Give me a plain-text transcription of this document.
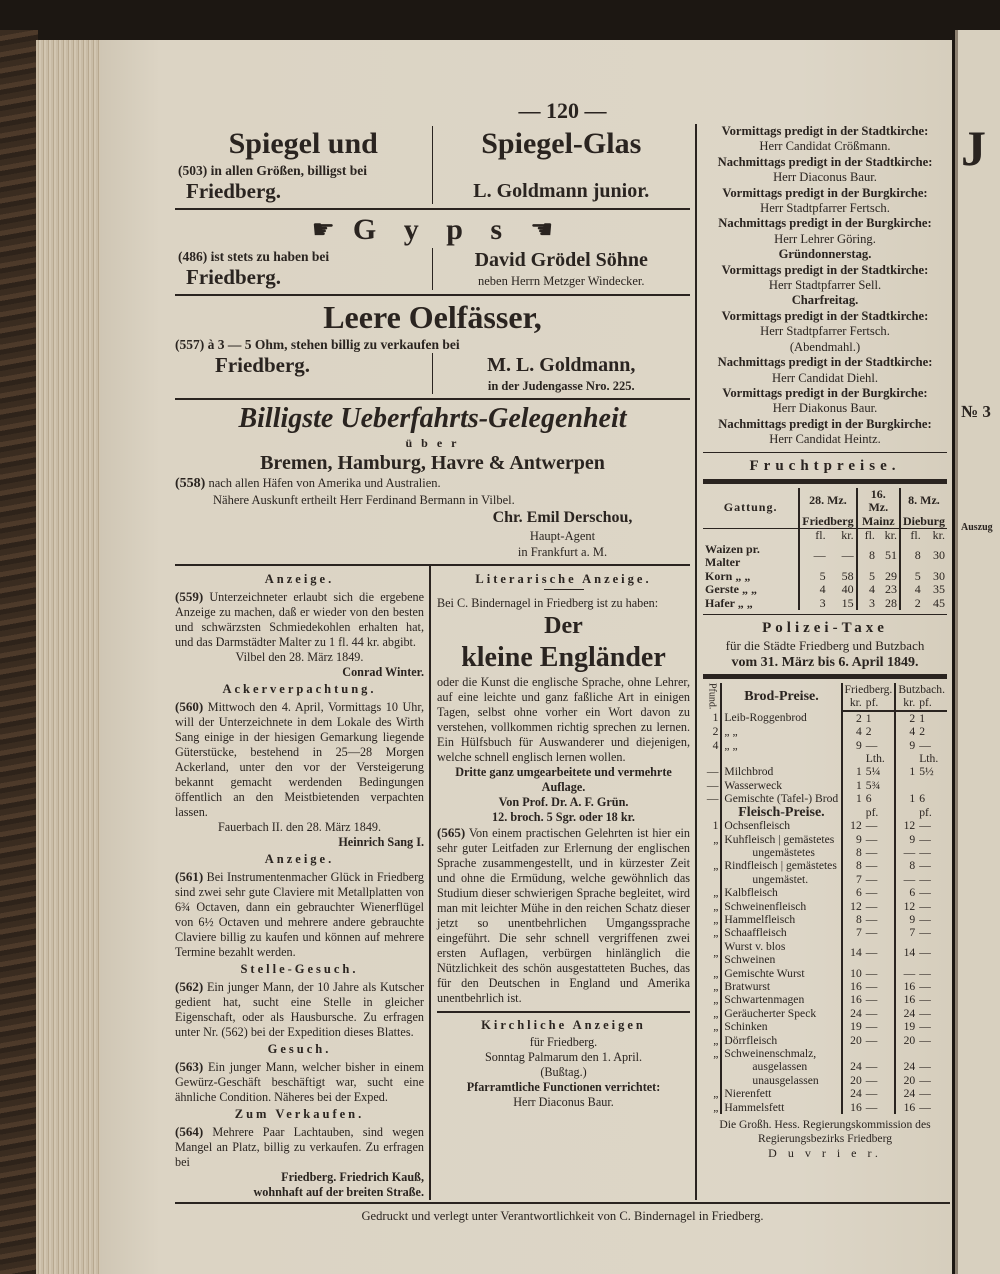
J
№ 3
Auszug
— 120 —
Spiegel und	Spiegel-Glas
(503) in allen Größen, billigst bei
Friedberg.	L. Goldmann junior.
☛ G y p s ☛
(486) ist stets zu haben bei
Friedberg.
David Grödel Söhne
neben Herrn Metzger Windecker.
Leere Oelfässer,
(557) à 3 — 5 Ohm, stehen billig zu verkaufen bei
Friedberg.	M. L. Goldmann,
in der Judengasse Nro. 225.
Billigste Ueberfahrts-Gelegenheit
ü b e r
Bremen, Hamburg, Havre & Antwerpen
(558) nach allen Häfen von Amerika und Australien.
Nähere Auskunft ertheilt Herr Ferdinand Bermann in Vilbel.
Chr. Emil Derschou,
Haupt-Agent
in Frankfurt a. M.
Anzeige.
(559) Unterzeichneter erlaubt sich die ergebene Anzeige zu machen, daß er wieder von den besten und schwärzsten Schmiedekohlen erhalten hat, und das Darmstädter Malter zu 1 fl. 44 kr. abgibt.
Vilbel den 28. März 1849.
Conrad Winter.
Ackerverpachtung.
(560) Mittwoch den 4. April, Vormittags 10 Uhr, will der Unterzeichnete in dem Lokale des Wirth Sang einige in der hiesigen Gemarkung liegende Güterstücke, bestehend in 25—28 Morgen Ackerland, unter den vor der Versteigerung bekannt gemacht werdenden Bedingungen öffentlich an den Meistbietenden verpachten lassen.
Fauerbach II. den 28. März 1849.
Heinrich Sang I.
Anzeige.
(561) Bei Instrumentenmacher Glück in Friedberg sind zwei sehr gute Claviere mit Metallplatten von 6¾ Octaven, dann ein gebrauchter Wienerflügel von 6½ Octaven und mehrere andere gebrauchte Claviere billig zu kaufen und können auf mehrere Termine bezahlt werden.
Stelle-Gesuch.
(562) Ein junger Mann, der 10 Jahre als Kutscher gedient hat, sucht eine Stelle in gleicher Eigenschaft, oder als Hausbursche. Zu erfragen unter Nr. (562) bei der Expedition dieses Blattes.
Gesuch.
(563) Ein junger Mann, welcher bisher in einem Gewürz-Geschäft beschäftigt war, sucht eine ähnliche Condition. Näheres bei der Exped.
Zum Verkaufen.
(564) Mehrere Paar Lachtauben, sind wegen Mangel an Platz, billig zu verkaufen. Zu erfragen bei
Friedberg. Friedrich Kauß,
wohnhaft auf der breiten Straße.
Literarische Anzeige.
Bei C. Bindernagel in Friedberg ist zu haben:
Der
kleine Engländer
oder die Kunst die englische Sprache, ohne Lehrer, auf eine leichte und ganz faßliche Art in einigen Tagen, selbst ohne vorher ein Wort davon zu verstehen, vollkommen richtig sprechen zu lernen. Ein Hülfsbuch für Auswanderer und diejenigen, welche schnell englisch lernen wollen.
Dritte ganz umgearbeitete und vermehrte Auflage.
Von Prof. Dr. A. F. Grün.
12. broch. 5 Sgr. oder 18 kr.
(565) Von einem practischen Gelehrten ist hier ein sehr guter Leitfaden zur Erlernung der englischen Sprache zusammengestellt, und in kürzester Zeit und ohne die Ermüdung, welche gewöhnlich das Studium dieser schwierigen Sprache begleitet, wird man mit leichter Mühe in den reichen Schatz dieser jetzt so unentbehrlichen Umgangssprache eingeführt. Die sehr schnell vergriffenen zwei ersten Auflagen, verbürgen hinlänglich die Nützlichkeit des schön ausgestatteten Buches, das für den Deutschen in England und Amerika unentbehrlich ist.
Kirchliche Anzeigen
für Friedberg.
Sonntag Palmarum den 1. April.
(Bußtag.)
Pfarramtliche Functionen verrichtet:
Herr Diaconus Baur.
Vormittags predigt in der Stadtkirche:
Herr Candidat Crößmann.
Nachmittags predigt in der Stadtkirche:
Herr Diaconus Baur.
Vormittags predigt in der Burgkirche:
Herr Stadtpfarrer Fertsch.
Nachmittags predigt in der Burgkirche:
Herr Lehrer Göring.
Gründonnerstag.
Vormittags predigt in der Stadtkirche:
Herr Stadtpfarrer Sell.
Charfreitag.
Vormittags predigt in der Stadtkirche:
Herr Stadtpfarrer Fertsch.
(Abendmahl.)
Nachmittags predigt in der Stadtkirche:
Herr Candidat Diehl.
Vormittags predigt in der Burgkirche:
Herr Diakonus Baur.
Nachmittags predigt in der Burgkirche:
Herr Candidat Heintz.
Fruchtpreise.
Gattung.	28. Mz.		16. Mz.		8. Mz.	
	Friedberg		Mainz		Dieburg	
	fl.	kr.	fl.	kr.	fl.	kr.
Waizen pr. Malter	—	—	8	51	8	30
Korn „ „	5	58	5	29	5	30
Gerste „ „	4	40	4	23	4	35
Hafer „ „	3	15	3	28	2	45
Polizei-Taxe
für die Städte Friedberg und Butzbach
vom 31. März bis 6. April 1849.
Pfund.	Brod-Preise.	Friedberg.		Butzbach.	
		kr.	pf.	kr.	pf.
1	Leib-Roggenbrod	2	1	2	1
2	„ „	4	2	4	2
4	„ „	9	—	9	—
			Lth.		Lth.
—	Milchbrod	1	5¼	1	5½
—	Wasserweck	1	5¾		
—	Gemischte (Tafel-) Brod	1	6	1	6
	Fleisch-Preise.		pf.		pf.
1	Ochsenfleisch	12	—	12	—
„	Kuhfleisch | gemästetes	9	—	9	—
	ungemästetes	8	—	—	—
„	Rindfleisch | gemästetes	8	—	8	—
	ungemästet.	7	—	—	—
„	Kalbfleisch	6	—	6	—
„	Schweinenfleisch	12	—	12	—
„	Hammelfleisch	8	—	9	—
„	Schaaffleisch	7	—	7	—
„	Wurst v. blos Schweinen	14	—	14	—
„	Gemischte Wurst	10	—	—	—
„	Bratwurst	16	—	16	—
„	Schwartenmagen	16	—	16	—
„	Geräucherter Speck	24	—	24	—
„	Schinken	19	—	19	—
„	Dörrfleisch	20	—	20	—
„	Schweinenschmalz,				
	ausgelassen	24	—	24	—
	unausgelassen	20	—	20	—
„	Nierenfett	24	—	24	—
„	Hammelsfett	16	—	16	—
Die Großh. Hess. Regierungskommission des
Regierungsbezirks Friedberg
D u v r i e r.
Gedruckt und verlegt unter Verantwortlichkeit von C. Bindernagel in Friedberg.
